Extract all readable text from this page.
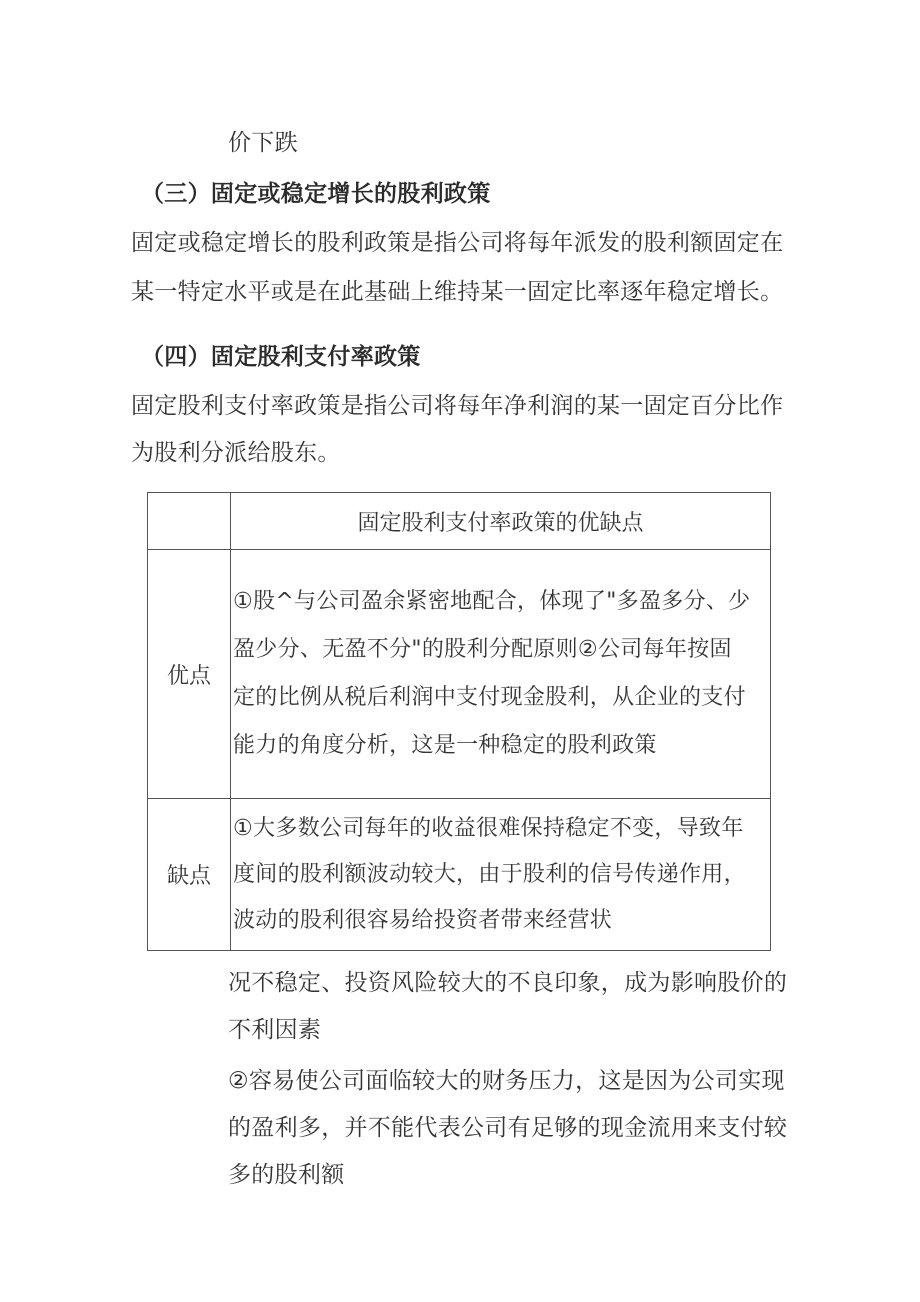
价下跌
（三）固定或稳定增长的股利政策
固定或稳定增长的股利政策是指公司将每年派发的股利额固定在
某一特定水平或是在此基础上维持某一固定比率逐年稳定增长。
（四）固定股利支付率政策
固定股利支付率政策是指公司将每年净利润的某一固定百分比作
为股利分派给股东。
	固定股利支付率政策的优缺点
优点	①股^与公司盈余紧密地配合，体现了"多盈多分、少
盈少分、无盈不分"的股利分配原则②公司每年按固
定的比例从税后利润中支付现金股利，从企业的支付
能力的角度分析，这是一种稳定的股利政策

缺点	①大多数公司每年的收益很难保持稳定不变，导致年
度间的股利额波动较大，由于股利的信号传递作用，
波动的股利很容易给投资者带来经营状
况不稳定、投资风险较大的不良印象，成为影响股价的
不利因素
②容易使公司面临较大的财务压力，这是因为公司实现
的盈利多，并不能代表公司有足够的现金流用来支付较
多的股利额
